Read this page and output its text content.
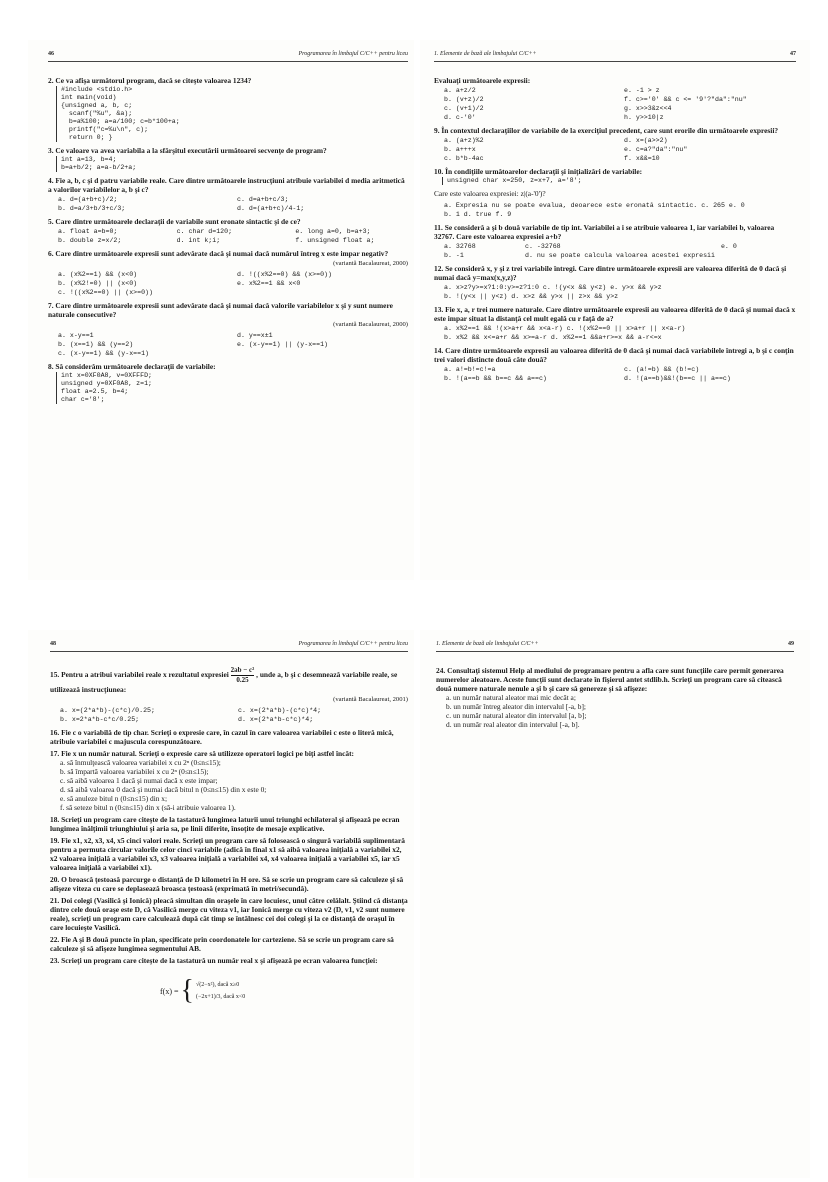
46	Programarea în limbajul C/C++ pentru liceu
2. Ce va afişa următorul program, dacă se citeşte valoarea 1234?
#include <stdio.h>
int main(void)
{unsigned a, b, c;
scanf("%u", &a);
b=a%100; a=a/100; c=b*100+a;
printf("c=%u\n", c);
return 0; }
3. Ce valoare va avea variabila a la sfârşitul executării următoarei secvenţe de program?
int a=13, b=4;
b=a+b/2; a=a-b/2+a;
4. Fie a, b, c şi d patru variabile reale. Care dintre următoarele instrucţiuni atribuie variabilei d media aritmetică a valorilor variabilelor a, b şi c?
a. d=(a+b+c)/2;	c. d=a+b+c/3;
b. d=a/3+b/3+c/3;	d. d=(a+b+c)/4-1;
5. Care dintre următoarele declaraţii de variabile sunt eronate sintactic şi de ce?
a. float a=b=0;	c. char d=120;	e. long a=0, b=a+3;
b. double z=x/2;	d. int k;i;	f. unsigned float a;
6. Care dintre următoarele expresii sunt adevărate dacă şi numai dacă numărul întreg x este impar negativ?
(variantă Bacalaureat, 2000)
a. (x%2==1) && (x<0)	d. !((x%2==0) && (x>=0))
b. (x%2!=0) || (x<0)	e. x%2==1 && x<0
c. !((x%2==0) || (x>=0))
7. Care dintre următoarele expresii sunt adevărate dacă şi numai dacă valorile variabilelor x şi y sunt numere naturale consecutive?
(variantă Bacalaureat, 2000)
a. x-y==1	d. y==x±1
b. (x==1) && (y==2)	e. (x-y==1) || (y-x==1)
c. (x-y==1) && (y-x==1)
8. Să considerăm următoarele declaraţii de variabile:
int x=0XF0A8, v=0XFFFD;
unsigned y=0XF0A8, z=1;
float a=2.5, b=4;
char c='8';
1. Elemente de bază ale limbajului C/C++	47
Evaluaţi următoarele expresii:
a. a+z/2	e. -1 > z
b. (v+z)/2	f. c>='0' && c <= '9'?"da":"nu"
c. (v+1)/2	g. x>>3&z<<4
d. c-'0'	h. y>>10|z
9. În contextul declaraţiilor de variabile de la exerciţiul precedent, care sunt erorile din următoarele expresii?
a. (a+z)%2	d. x=(a>>2)
b. a+++x	e. c=a?"da":"nu"
c. b*b-4ac	f. x&&=10
10. În condiţiile următoarelor declaraţii şi iniţializări de variabile:
unsigned char x=250, z=x+7, a='8';
Care este valoarea expresiei: z|(a-'0')?
a. Expresia nu se poate evalua, deoarece este eronată sintactic. c. 265 e. 0
b. 1 d. true f. 9
11. Se consideră a şi b două variabile de tip int. Variabilei a i se atribuie valoarea 1, iar variabilei b, valoarea 32767. Care este valoarea expresiei a+b?
a. 32768	c. -32768	e. 0
b. -1	d. nu se poate calcula valoarea acestei expresii
12. Se consideră x, y şi z trei variabile întregi. Care dintre următoarele expresii are valoarea diferită de 0 dacă şi numai dacă y=max(x,y,z)?
a. x>z?y>=x?1:0:y>=z?1:0 c. !(y<x && y<z) e. y>x && y>z
b. !(y<x || y<z) d. x>z && y>x || z>x && y>z
13. Fie x, a, r trei numere naturale. Care dintre următoarele expresii au valoarea diferită de 0 dacă şi numai dacă x este impar situat la distanţă cel mult egală cu r faţă de a?
a. x%2==1 && !(x>a+r && x<a-r) c. !(x%2==0 || x>a+r || x<a-r)
b. x%2 && x<=a+r && x>=a-r d. x%2==1 &&a+r>=x && a-r<=x
14. Care dintre următoarele expresii au valoarea diferită de 0 dacă şi numai dacă variabilele întregi a, b şi c conţin trei valori distincte două câte două?
a. a!=b!=c!=a	c. (a!=b) && (b!=c)
b. !(a==b && b==c && a==c)	d. !(a==b)&&!(b==c || a==c)
48	Programarea în limbajul C/C++ pentru liceu
15. Pentru a atribui variabilei reale x rezultatul expresiei $\frac{\text{2ab − c²}}{0.25}$ , unde a, b şi c desemnează variabile reale, se utilizează instrucţiunea:
(variantă Bacalaureat, 2001)
a. x=(2*a*b)-(c*c)/0.25;	c. x=(2*a*b)-(c*c)*4;
b. x=2*a*b-c*c/0.25;	d. x=(2*a*b-c*c)*4;
16. Fie c o variabilă de tip char. Scrieţi o expresie care, în cazul în care valoarea variabilei c este o literă mică, atribuie variabilei c majuscula corespunzătoare.
17. Fie x un număr natural. Scrieţi o expresie care să utilizeze operatori logici pe biţi astfel încât:
a. să înmulţească valoarea variabilei x cu 2ⁿ (0≤n≤15);
b. să împartă valoarea variabilei x cu 2ⁿ (0≤n≤15);
c. să aibă valoarea 1 dacă şi numai dacă x este impar;
d. să aibă valoarea 0 dacă şi numai dacă bitul n (0≤n≤15) din x este 0;
e. să anuleze bitul n (0≤n≤15) din x;
f. să seteze bitul n (0≤n≤15) din x (să-i atribuie valoarea 1).
18. Scrieţi un program care citeşte de la tastatură lungimea laturii unui triunghi echilateral şi afişează pe ecran lungimea înălţimii triunghiului şi aria sa, pe linii diferite, însoţite de mesaje explicative.
19. Fie x1, x2, x3, x4, x5 cinci valori reale. Scrieţi un program care să folosească o singură variabilă suplimentară pentru a permuta circular valorile celor cinci variabile (adică în final x1 să aibă valoarea iniţială a variabilei x2, x2 valoarea iniţială a variabilei x3, x3 valoarea iniţială a variabilei x4, x4 valoarea iniţială a variabilei x5, iar x5 valoarea iniţială a variabilei x1).
20. O broască ţestoasă parcurge o distanţă de D kilometri în H ore. Să se scrie un program care să calculeze şi să afişeze viteza cu care se deplasează broasca ţestoasă (exprimată în metri/secundă).
21. Doi colegi (Vasilică şi Ionică) pleacă simultan din oraşele în care locuiesc, unul către celălalt. Ştiind că distanţa dintre cele două oraşe este D, că Vasilică merge cu viteza v1, iar Ionică merge cu viteza v2 (D, v1, v2 sunt numere reale), scrieţi un program care calculează după cât timp se întâlnesc cei doi colegi şi la ce distanţă de oraşul în care locuieşte Vasilică.
22. Fie A şi B două puncte în plan, specificate prin coordonatele lor carteziene. Să se scrie un program care să calculeze şi să afişeze lungimea segmentului AB.
23. Scrieţi un program care citeşte de la tastatură un număr real x şi afişează pe ecran valoarea funcţiei:
f(x) = { √(2−x²), dacă x≥0
(−2x+1)/3, dacă x<0
1. Elemente de bază ale limbajului C/C++	49
24. Consultaţi sistemul Help al mediului de programare pentru a afla care sunt funcţiile care permit generarea numerelor aleatoare. Aceste funcţii sunt declarate în fişierul antet stdlib.h. Scrieţi un program care să citească două numere naturale nenule a şi b şi care să genereze şi să afişeze:
a. un număr natural aleator mai mic decât a;
b. un număr întreg aleator din intervalul [-a, b];
c. un număr natural aleator din intervalul [a, b];
d. un număr real aleator din intervalul [-a, b].
